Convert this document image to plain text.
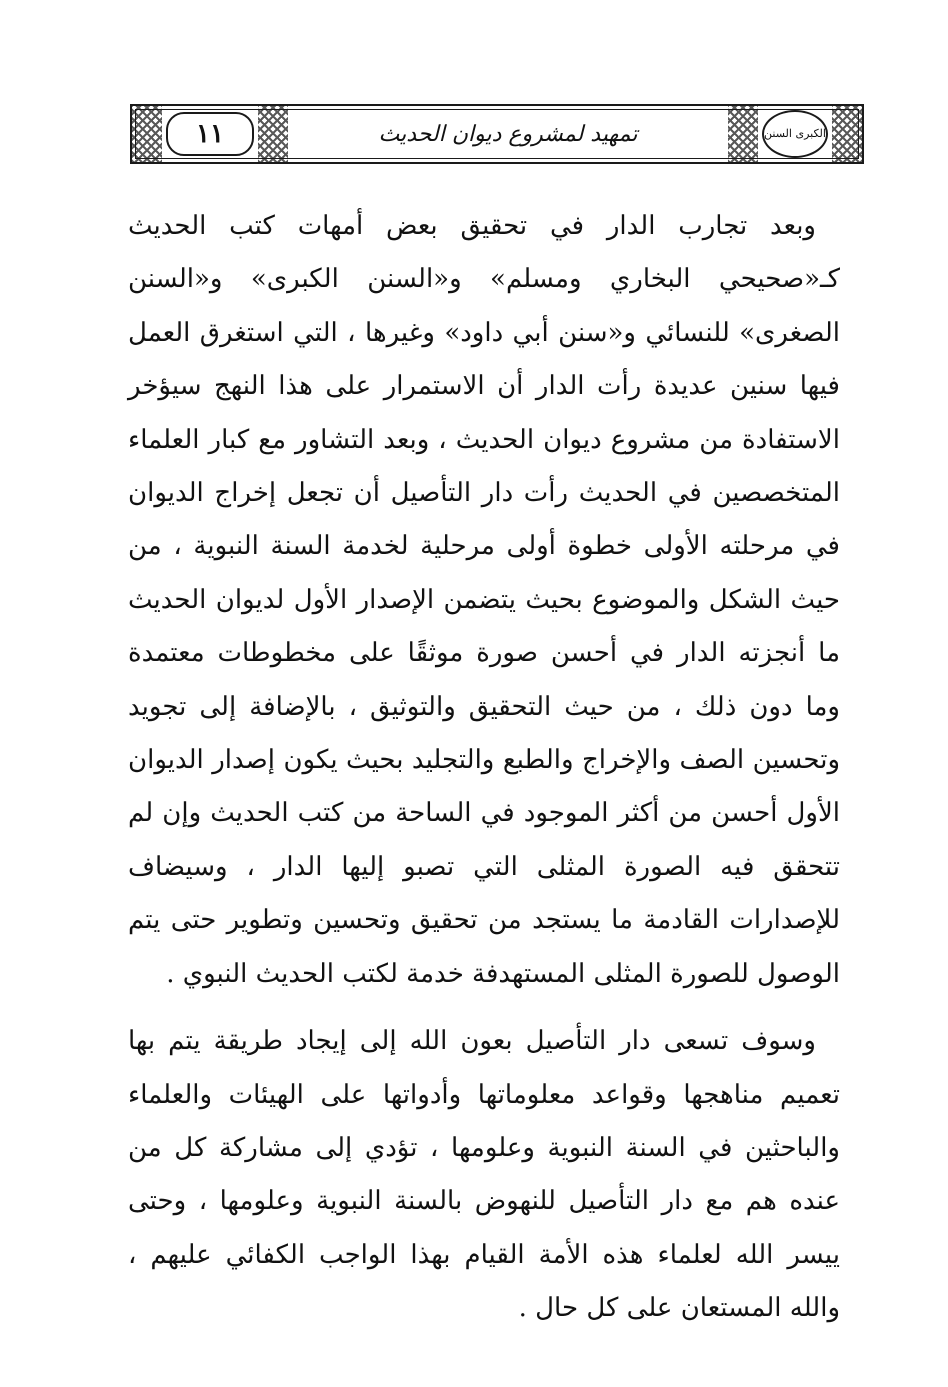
١١	تمهيد لمشروع ديوان الحديث	الكبرى السنن

وبعد تجارب الدار في تحقيق بعض أمهات كتب الحديث كـ«صحيحي البخاري ومسلم» و«السنن الكبرى» و«السنن الصغرى» للنسائي و«سنن أبي داود» وغيرها ، التي استغرق العمل فيها سنين عديدة رأت الدار أن الاستمرار على هذا النهج سيؤخر الاستفادة من مشروع ديوان الحديث ، وبعد التشاور مع كبار العلماء المتخصصين في الحديث رأت دار التأصيل أن تجعل إخراج الديوان في مرحلته الأولى خطوة أولى مرحلية لخدمة السنة النبوية ، من حيث الشكل والموضوع بحيث يتضمن الإصدار الأول لديوان الحديث ما أنجزته الدار في أحسن صورة موثقًا على مخطوطات معتمدة وما دون ذلك ، من حيث التحقيق والتوثيق ، بالإضافة إلى تجويد وتحسين الصف والإخراج والطبع والتجليد بحيث يكون إصدار الديوان الأول أحسن من أكثر الموجود في الساحة من كتب الحديث وإن لم تتحقق فيه الصورة المثلى التي تصبو إليها الدار ، وسيضاف للإصدارات القادمة ما يستجد من تحقيق وتحسين وتطوير حتى يتم الوصول للصورة المثلى المستهدفة خدمة لكتب الحديث النبوي .

وسوف تسعى دار التأصيل بعون الله إلى إيجاد طريقة يتم بها تعميم مناهجها وقواعد معلوماتها وأدواتها على الهيئات والعلماء والباحثين في السنة النبوية وعلومها ، تؤدي إلى مشاركة كل من عنده هم مع دار التأصيل للنهوض بالسنة النبوية وعلومها ، وحتى ييسر الله لعلماء هذه الأمة القيام بهذا الواجب الكفائي عليهم ، والله المستعان على كل حال .
